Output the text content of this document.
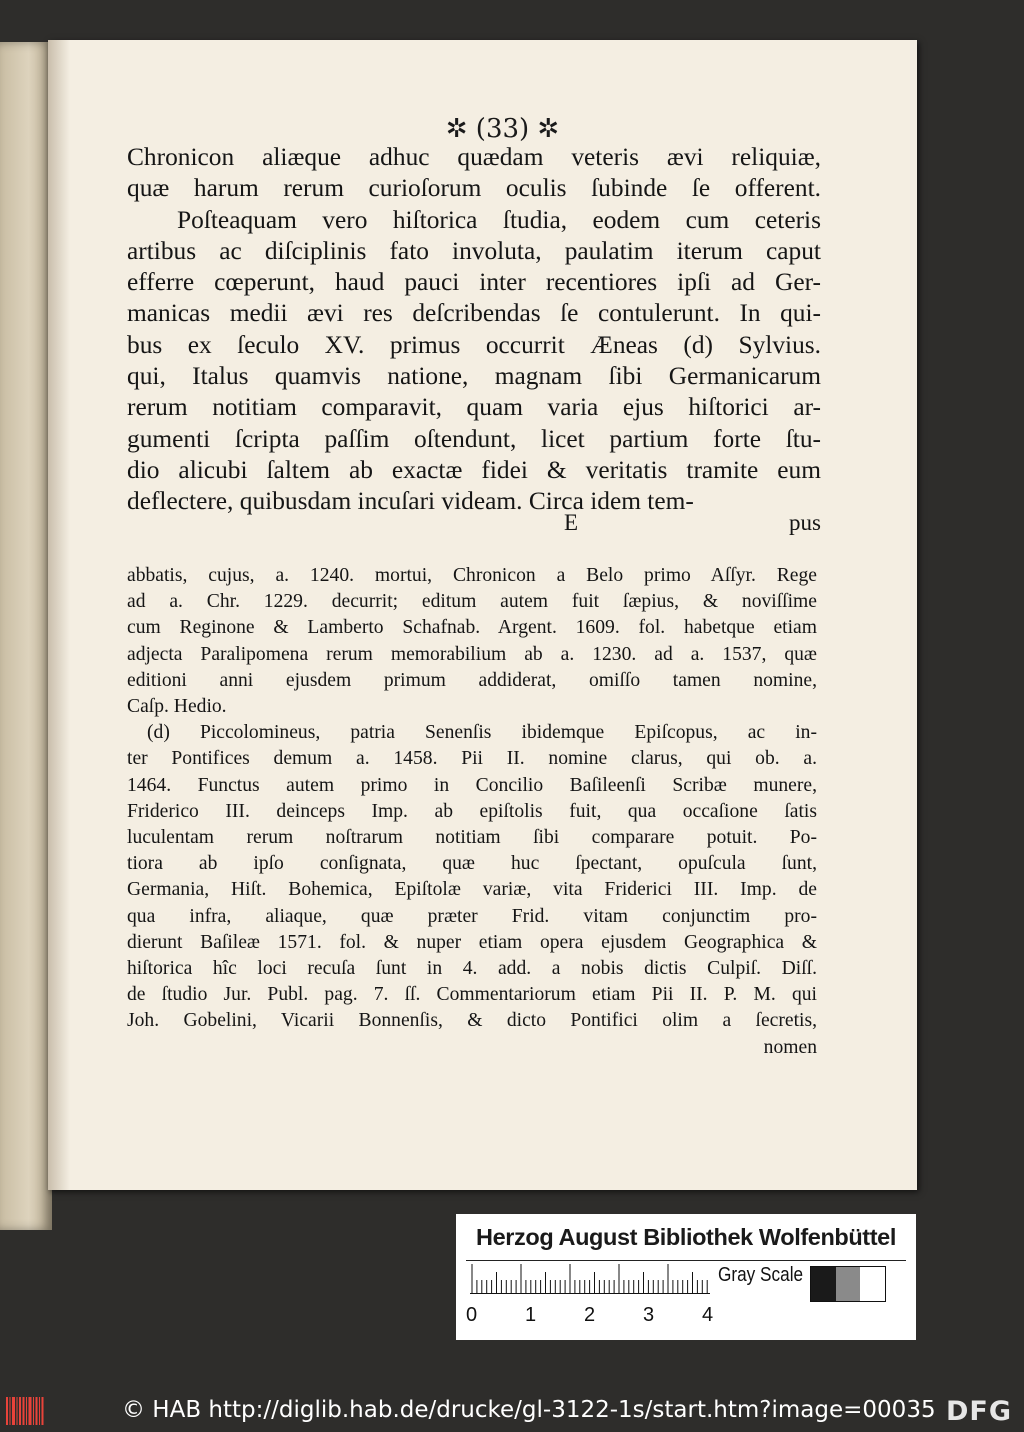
✲ (33) ✲
Chronicon aliæque adhuc quædam veteris ævi reliquiæ,
quæ harum rerum curioſorum oculis ſubinde ſe offerent.
Poſteaquam vero hiſtorica ſtudia, eodem cum ceteris
artibus ac diſciplinis fato involuta, paulatim iterum caput
efferre cœperunt, haud pauci inter recentiores ipſi ad Ger-
manicas medii ævi res deſcribendas ſe contulerunt. In qui-
bus ex ſeculo XV. primus occurrit Æneas (d) Sylvius.
qui, Italus quamvis natione, magnam ſibi Germanicarum
rerum notitiam comparavit, quam varia ejus hiſtorici ar-
gumenti ſcripta paſſim oſtendunt, licet partium forte ſtu-
dio alicubi ſaltem ab exactæ fidei & veritatis tramite eum
deflectere, quibusdam incuſari videam. Circa idem tem-
E	pus
abbatis, cujus, a. 1240. mortui, Chronicon a Belo primo Aſſyr. Rege
ad a. Chr. 1229. decurrit; editum autem fuit ſæpius, & noviſſime
cum Reginone & Lamberto Schafnab. Argent. 1609. fol. habetque etiam
adjecta Paralipomena rerum memorabilium ab a. 1230. ad a. 1537, quæ
editioni anni ejusdem primum addiderat, omiſſo tamen nomine,
Caſp. Hedio.
(d) Piccolomineus, patria Senenſis ibidemque Epiſcopus, ac in-
ter Pontifices demum a. 1458. Pii II. nomine clarus, qui ob. a.
1464. Functus autem primo in Concilio Baſileenſi Scribæ munere,
Friderico III. deinceps Imp. ab epiſtolis fuit, qua occaſione ſatis
luculentam rerum noſtrarum notitiam ſibi comparare potuit. Po-
tiora ab ipſo conſignata, quæ huc ſpectant, opuſcula ſunt,
Germania, Hiſt. Bohemica, Epiſtolæ variæ, vita Friderici III. Imp. de
qua infra, aliaque, quæ præter Frid. vitam conjunctim pro-
dierunt Baſileæ 1571. fol. & nuper etiam opera ejusdem Geographica &
hiſtorica hîc loci recuſa ſunt in 4. add. a nobis dictis Culpiſ. Diſſ.
de ſtudio Jur. Publ. pag. 7. ſſ. Commentariorum etiam Pii II. P. M. qui
Joh. Gobelini, Vicarii Bonnenſis, & dicto Pontifici olim a ſecretis,
nomen
Herzog August Bibliothek Wolfenbüttel
0 1 2 3 4
Gray Scale
© HAB http://diglib.hab.de/drucke/gl-3122-1s/start.htm?image=00035 DFG
